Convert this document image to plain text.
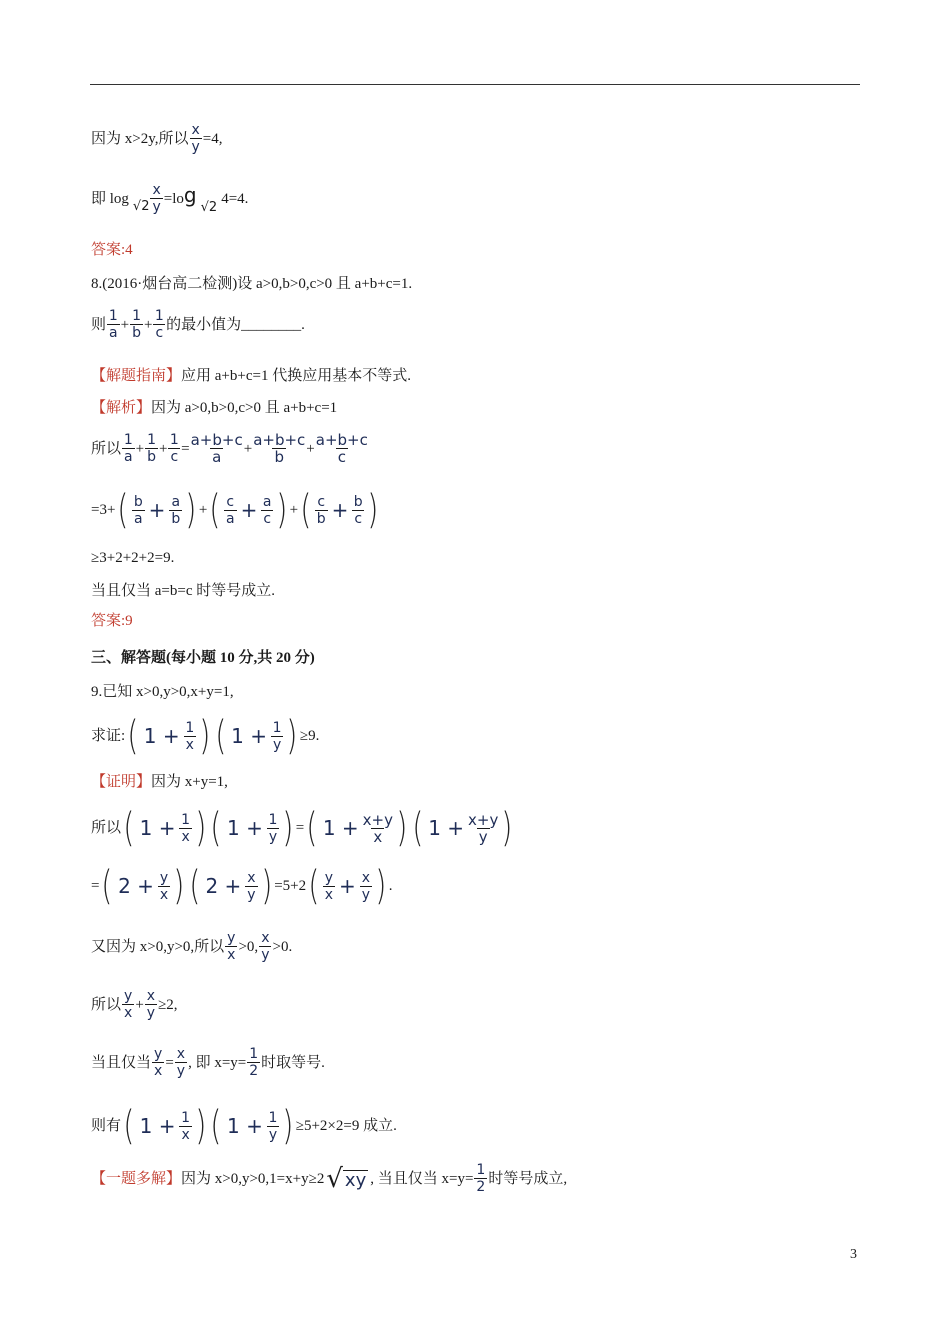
因为 x>2y,所以 $\frac{x}{y} =4$,
即 $\log √2 \frac{x}{y} =lo$ g
√2
4=4.
答案:4
8.(2016·烟台高二检测)设 a>0,b>0,c>0 且 a+b+c=1.
则 $\frac{1}{a} + \frac{1}{b} + \frac{1}{c}$ 的最小值为________.
【解题指南】 应用 a+b+c=1 代换应用基本不等式.
【解析】 因为 a>0,b>0,c>0 且 a+b+c=1
所以 $\frac{1}{a} + \frac{1}{b} + \frac{1}{c} = \frac{a+b+c}{a} + \frac{a+b+c}{b} + \frac{a+b+c}{c}$
=3+ ( $\frac{b}{a} + \frac{a}{b}$ ) + ( $\frac{c}{a} + \frac{a}{c}$ ) + ( $\frac{c}{b} + \frac{b}{c}$ )
≥3+2+2+2=9.
当且仅当 a=b=c 时等号成立.
答案:9
三、解答题(每小题 10 分,共 20 分)
9.已知 x>0,y>0,x+y=1,
求证: ( $1 + \frac{1}{x}$ ) ( $1 + \frac{1}{y}$ ) ≥9.
【证明】 因为 x+y=1,
所以 ( $1 + \frac{1}{x}$ ) ( $1 + \frac{1}{y}$ ) = ( $1 + \frac{x+y}{x}$ ) ( $1 + \frac{x+y}{y}$ )
= ( $2 + \frac{y}{x}$ ) ( $2 + \frac{x}{y}$ ) =5+2 ( $\frac{y}{x} + \frac{x}{y}$ ) .
又因为 x>0,y>0,所以 $\frac{y}{x} >0$, $\frac{x}{y} >0$.
所以 $\frac{y}{x} + \frac{x}{y} \ge 2$,
当且仅当 $\frac{y}{x} = \frac{x}{y}$ , 即 $x=y= \frac{1}{2}$ 时取等号.
则有 ( $1 + \frac{1}{x}$ ) ( $1 + \frac{1}{y}$ ) ≥5+2×2=9 成立.
【一题多解】 因为 x>0,y>0,1=x+y≥2 √ xy , 当且仅当 $x=y= \frac{1}{2}$ 时等号成立,
3
